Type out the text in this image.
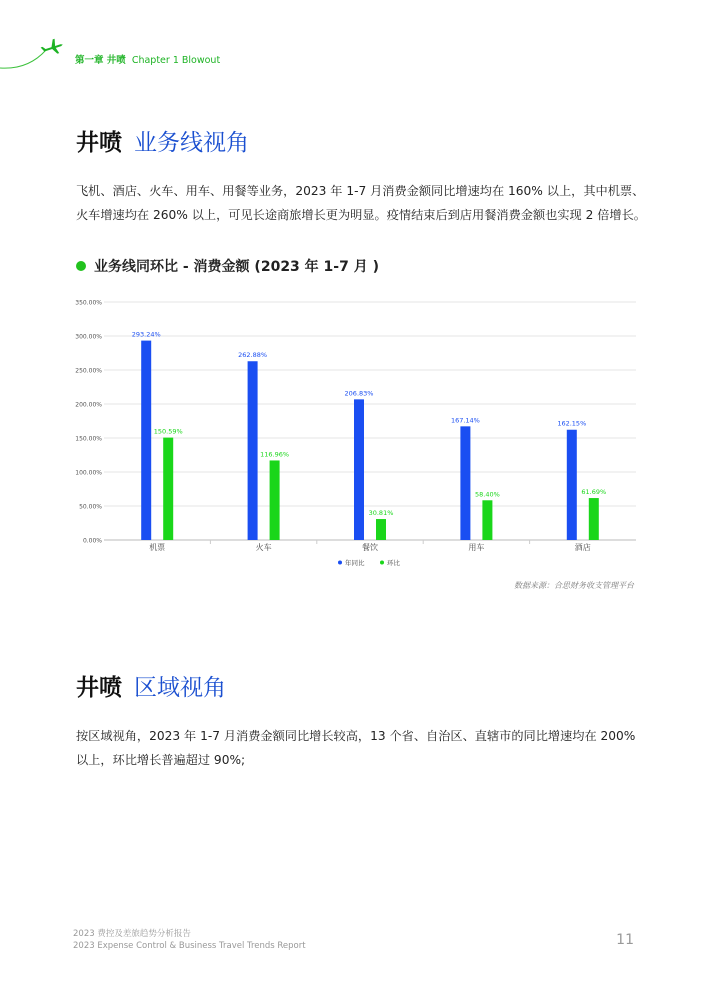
第一章 井喷 Chapter 1 Blowout
井喷 业务线视角
飞机、酒店、火车、用车、用餐等业务，2023 年 1-7 月消费金额同比增速均在 160% 以上，其中机票、火车增速均在 260% 以上，可见长途商旅增长更为明显。疫情结束后到店用餐消费金额也实现 2 倍增长。
业务线同环比 - 消费金额 (2023 年 1-7 月 )
0.00%
50.00%
100.00%
150.00%
200.00%
250.00%
300.00%
350.00%
机票
293.24%
150.59%
火车
262.88%
116.96%
餐饮
206.83%
30.81%
用车
167.14%
58.40%
酒店
162.15%
61.69%
年同比	环比
数据来源：合思财务收支管理平台
井喷 区域视角
按区域视角，2023 年 1-7 月消费金额同比增长较高，13 个省、自治区、直辖市的同比增速均在 200% 以上，环比增长普遍超过 90%;
2023 费控及差旅趋势分析报告
2023 Expense Control & Business Travel Trends Report	11
